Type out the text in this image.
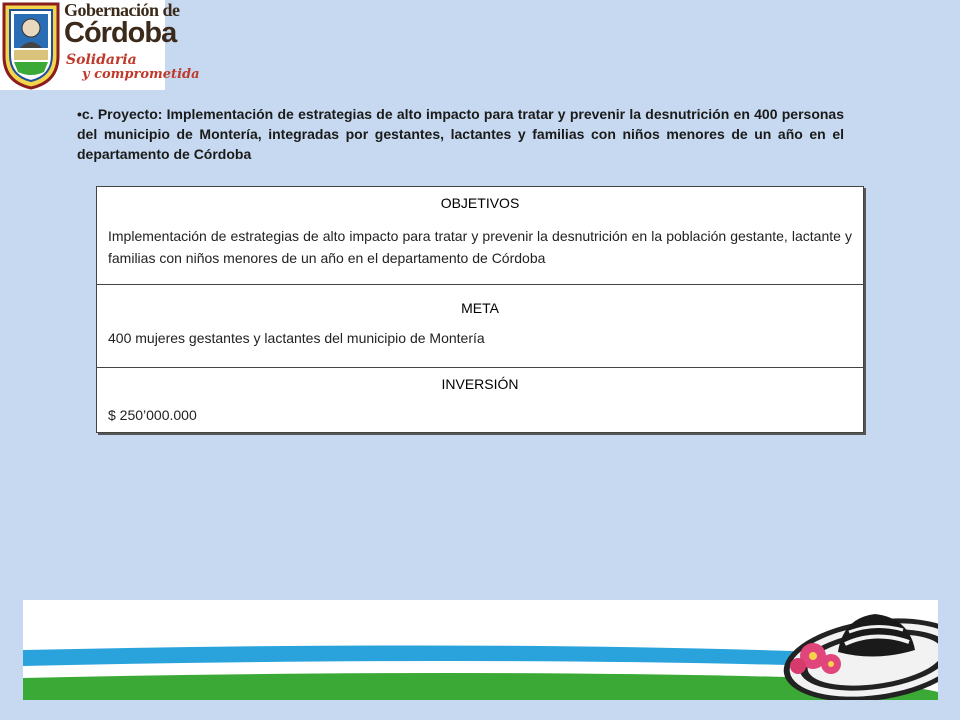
Gobernación de
Córdoba
Solidaria
y comprometida

•c. Proyecto: Implementación de estrategias de alto impacto para tratar y prevenir la desnutrición en 400 personas del municipio de Montería, integradas por gestantes, lactantes y familias con niños menores de un año en el departamento de Córdoba

OBJETIVOS

Implementación de estrategias de alto impacto para tratar y prevenir la desnutrición en la población gestante, lactante y familias con niños menores de un año en el departamento de Córdoba

META

400 mujeres gestantes y lactantes del municipio de Montería

INVERSIÓN

$ 250’000.000
